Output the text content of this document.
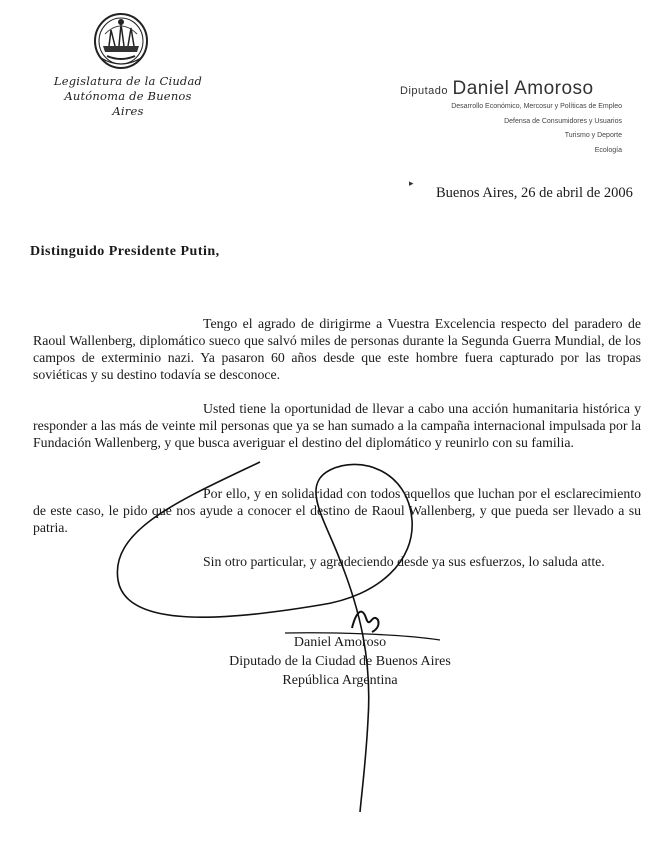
Legislatura de la Ciudad
Autónoma de Buenos Aires
Diputado Daniel Amoroso
Desarrollo Económico, Mercosur y Políticas de Empleo
Defensa de Consumidores y Usuarios
Turismo y Deporte
Ecología
▸
Buenos Aires, 26 de abril de 2006
Distinguido Presidente Putin,
Tengo el agrado de dirigirme a Vuestra Excelencia respecto del paradero de Raoul Wallenberg, diplomático sueco que salvó miles de personas durante la Segunda Guerra Mundial, de los campos de exterminio nazi. Ya pasaron 60 años desde que este hombre fuera capturado por las tropas soviéticas y su destino todavía se desconoce.
Usted tiene la oportunidad de llevar a cabo una acción humanitaria histórica y responder a las más de veinte mil personas que ya se han sumado a la campaña internacional impulsada por la Fundación Wallenberg, y que busca averiguar el destino del diplomático y reunirlo con su familia.
Por ello, y en solidaridad con todos aquellos que luchan por el esclarecimiento de este caso, le pido que nos ayude a conocer el destino de Raoul Wallenberg, y que pueda ser llevado a su patria.
Sin otro particular, y agradeciendo desde ya sus esfuerzos, lo saluda atte.
Daniel Amoroso
Diputado de la Ciudad de Buenos Aires
República Argentina
